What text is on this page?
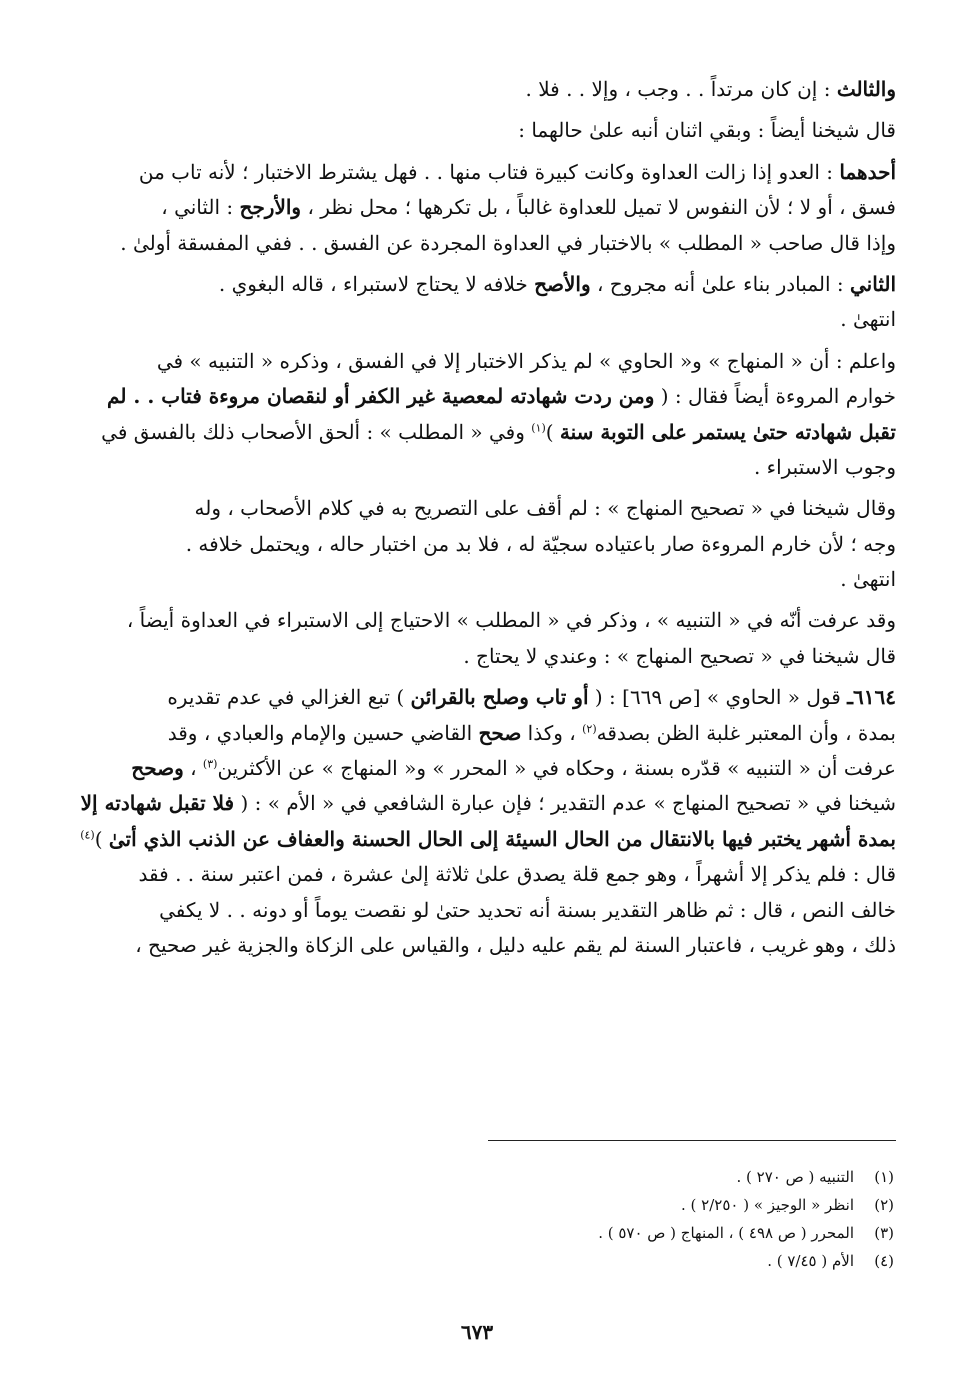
والثالث : إن كان مرتداً . . وجب ، وإلا . . فلا .
قال شيخنا أيضاً : وبقي اثنان أنبه علىٰ حالهما :
أحدهما : العدو إذا زالت العداوة وكانت كبيرة فتاب منها . . فهل يشترط الاختبار ؛ لأنه تاب من
فسق ، أو لا ؛ لأن النفوس لا تميل للعداوة غالباً ، بل تكرهها ؛ محل نظر ، والأرجح : الثاني ،
وإذا قال صاحب « المطلب » بالاختبار في العداوة المجردة عن الفسق . . ففي المفسقة أولىٰ .
الثاني : المبادر بناء علىٰ أنه مجروح ، والأصح خلافه لا يحتاج لاستبراء ، قاله البغوي .
انتهىٰ .
واعلم : أن « المنهاج » و« الحاوي » لم يذكر الاختبار إلا في الفسق ، وذكره « التنبيه » في
خوارم المروءة أيضاً فقال : ( ومن ردت شهادته لمعصية غير الكفر أو لنقصان مروءة فتاب . . لم
تقبل شهادته حتىٰ يستمر على التوبة سنة )$^{(١)}$ وفي « المطلب » : ألحق الأصحاب ذلك بالفسق في
وجوب الاستبراء .
وقال شيخنا في « تصحيح المنهاج » : لم أقف على التصريح به في كلام الأصحاب ، وله
وجه ؛ لأن خارم المروءة صار باعتياده سجيّة له ، فلا بد من اختبار حاله ، ويحتمل خلافه .
انتهىٰ .
وقد عرفت أنّه في « التنبيه » ، وذكر في « المطلب » الاحتياج إلى الاستبراء في العداوة أيضاً ،
قال شيخنا في « تصحيح المنهاج » : وعندي لا يحتاج .
٦١٦٤ـ قول « الحاوي » [ص ٦٦٩] : ( أو تاب وصلح بالقرائن ) تبع الغزالي في عدم تقديره
بمدة ، وأن المعتبر غلبة الظن بصدقه$^{(٢)}$ ، وكذا صحح القاضي حسين والإمام والعبادي ، وقد
عرفت أن « التنبيه » قدّره بسنة ، وحكاه في « المحرر » و« المنهاج » عن الأكثرين$^{(٣)}$ ، وصحح
شيخنا في « تصحيح المنهاج » عدم التقدير ؛ فإن عبارة الشافعي في « الأم » : ( فلا تقبل شهادته إلا
بمدة أشهر يختبر فيها بالانتقال من الحال السيئة إلى الحال الحسنة والعفاف عن الذنب الذي أتىٰ )$^{(٤)}$
قال : فلم يذكر إلا أشهراً ، وهو جمع قلة يصدق علىٰ ثلاثة إلىٰ عشرة ، فمن اعتبر سنة . . فقد
خالف النص ، قال : ثم ظاهر التقدير بسنة أنه تحديد حتىٰ لو نقصت يوماً أو دونه . . لا يكفي
ذلك ، وهو غريب ، فاعتبار السنة لم يقم عليه دليل ، والقياس على الزكاة والجزية غير صحيح ،
(١)التنبيه ( ص ٢٧٠ ) .
(٢)انظر « الوجيز » ( ٢/٢٥٠ ) .
(٣)المحرر ( ص ٤٩٨ ) ، المنهاج ( ص ٥٧٠ ) .
(٤)الأم ( ٧/٤٥ ) .
٦٧٣
